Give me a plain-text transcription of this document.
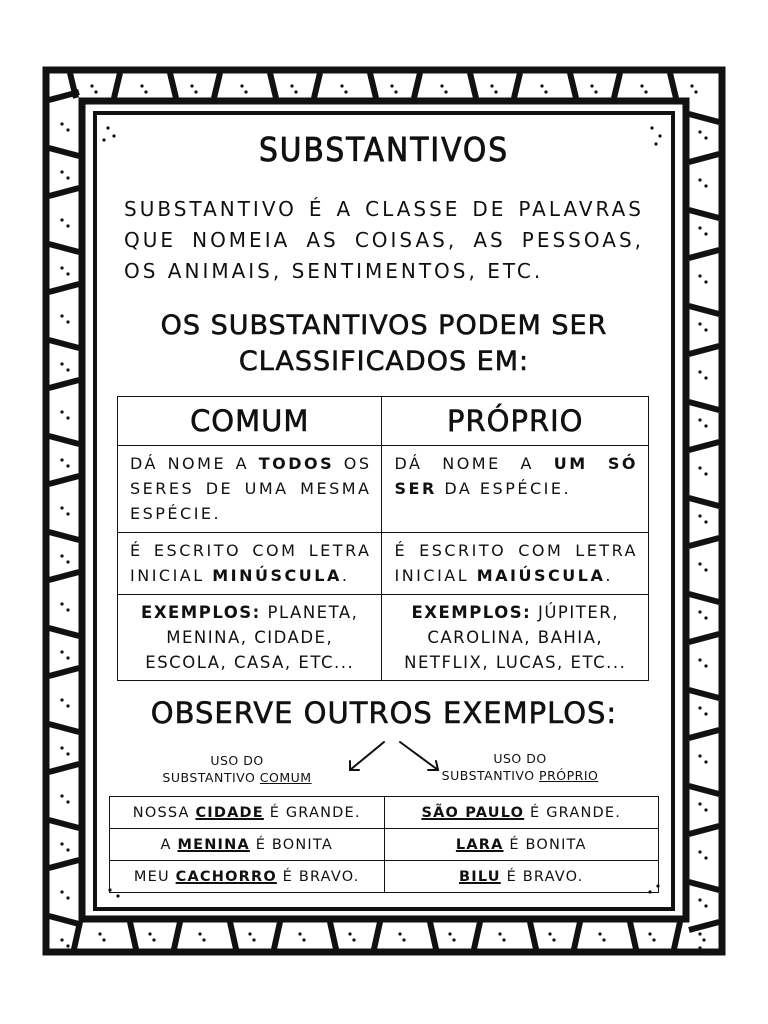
SUBSTANTIVOS
SUBSTANTIVO É A CLASSE DE PALAVRAS QUE NOMEIA AS COISAS, AS PESSOAS, OS ANIMAIS, SENTIMENTOS, ETC.
OS SUBSTANTIVOS PODEM SER
CLASSIFICADOS EM:
COMUM	PRÓPRIO
DÁ NOME A TODOS OS SERES DE UMA MESMA ESPÉCIE.	DÁ NOME A UM SÓ SER DA ESPÉCIE.
É ESCRITO COM LETRA INICIAL MINÚSCULA.	É ESCRITO COM LETRA INICIAL MAIÚSCULA.
EXEMPLOS: PLANETA, MENINA, CIDADE, ESCOLA, CASA, ETC...	EXEMPLOS: JÚPITER, CAROLINA, BAHIA, NETFLIX, LUCAS, ETC...
OBSERVE OUTROS EXEMPLOS:
USO DO
SUBSTANTIVO COMUM
USO DO
SUBSTANTIVO PRÓPRIO
NOSSA CIDADE É GRANDE.	SÃO PAULO É GRANDE.
A MENINA É BONITA	LARA É BONITA
MEU CACHORRO É BRAVO.	BILU É BRAVO.
